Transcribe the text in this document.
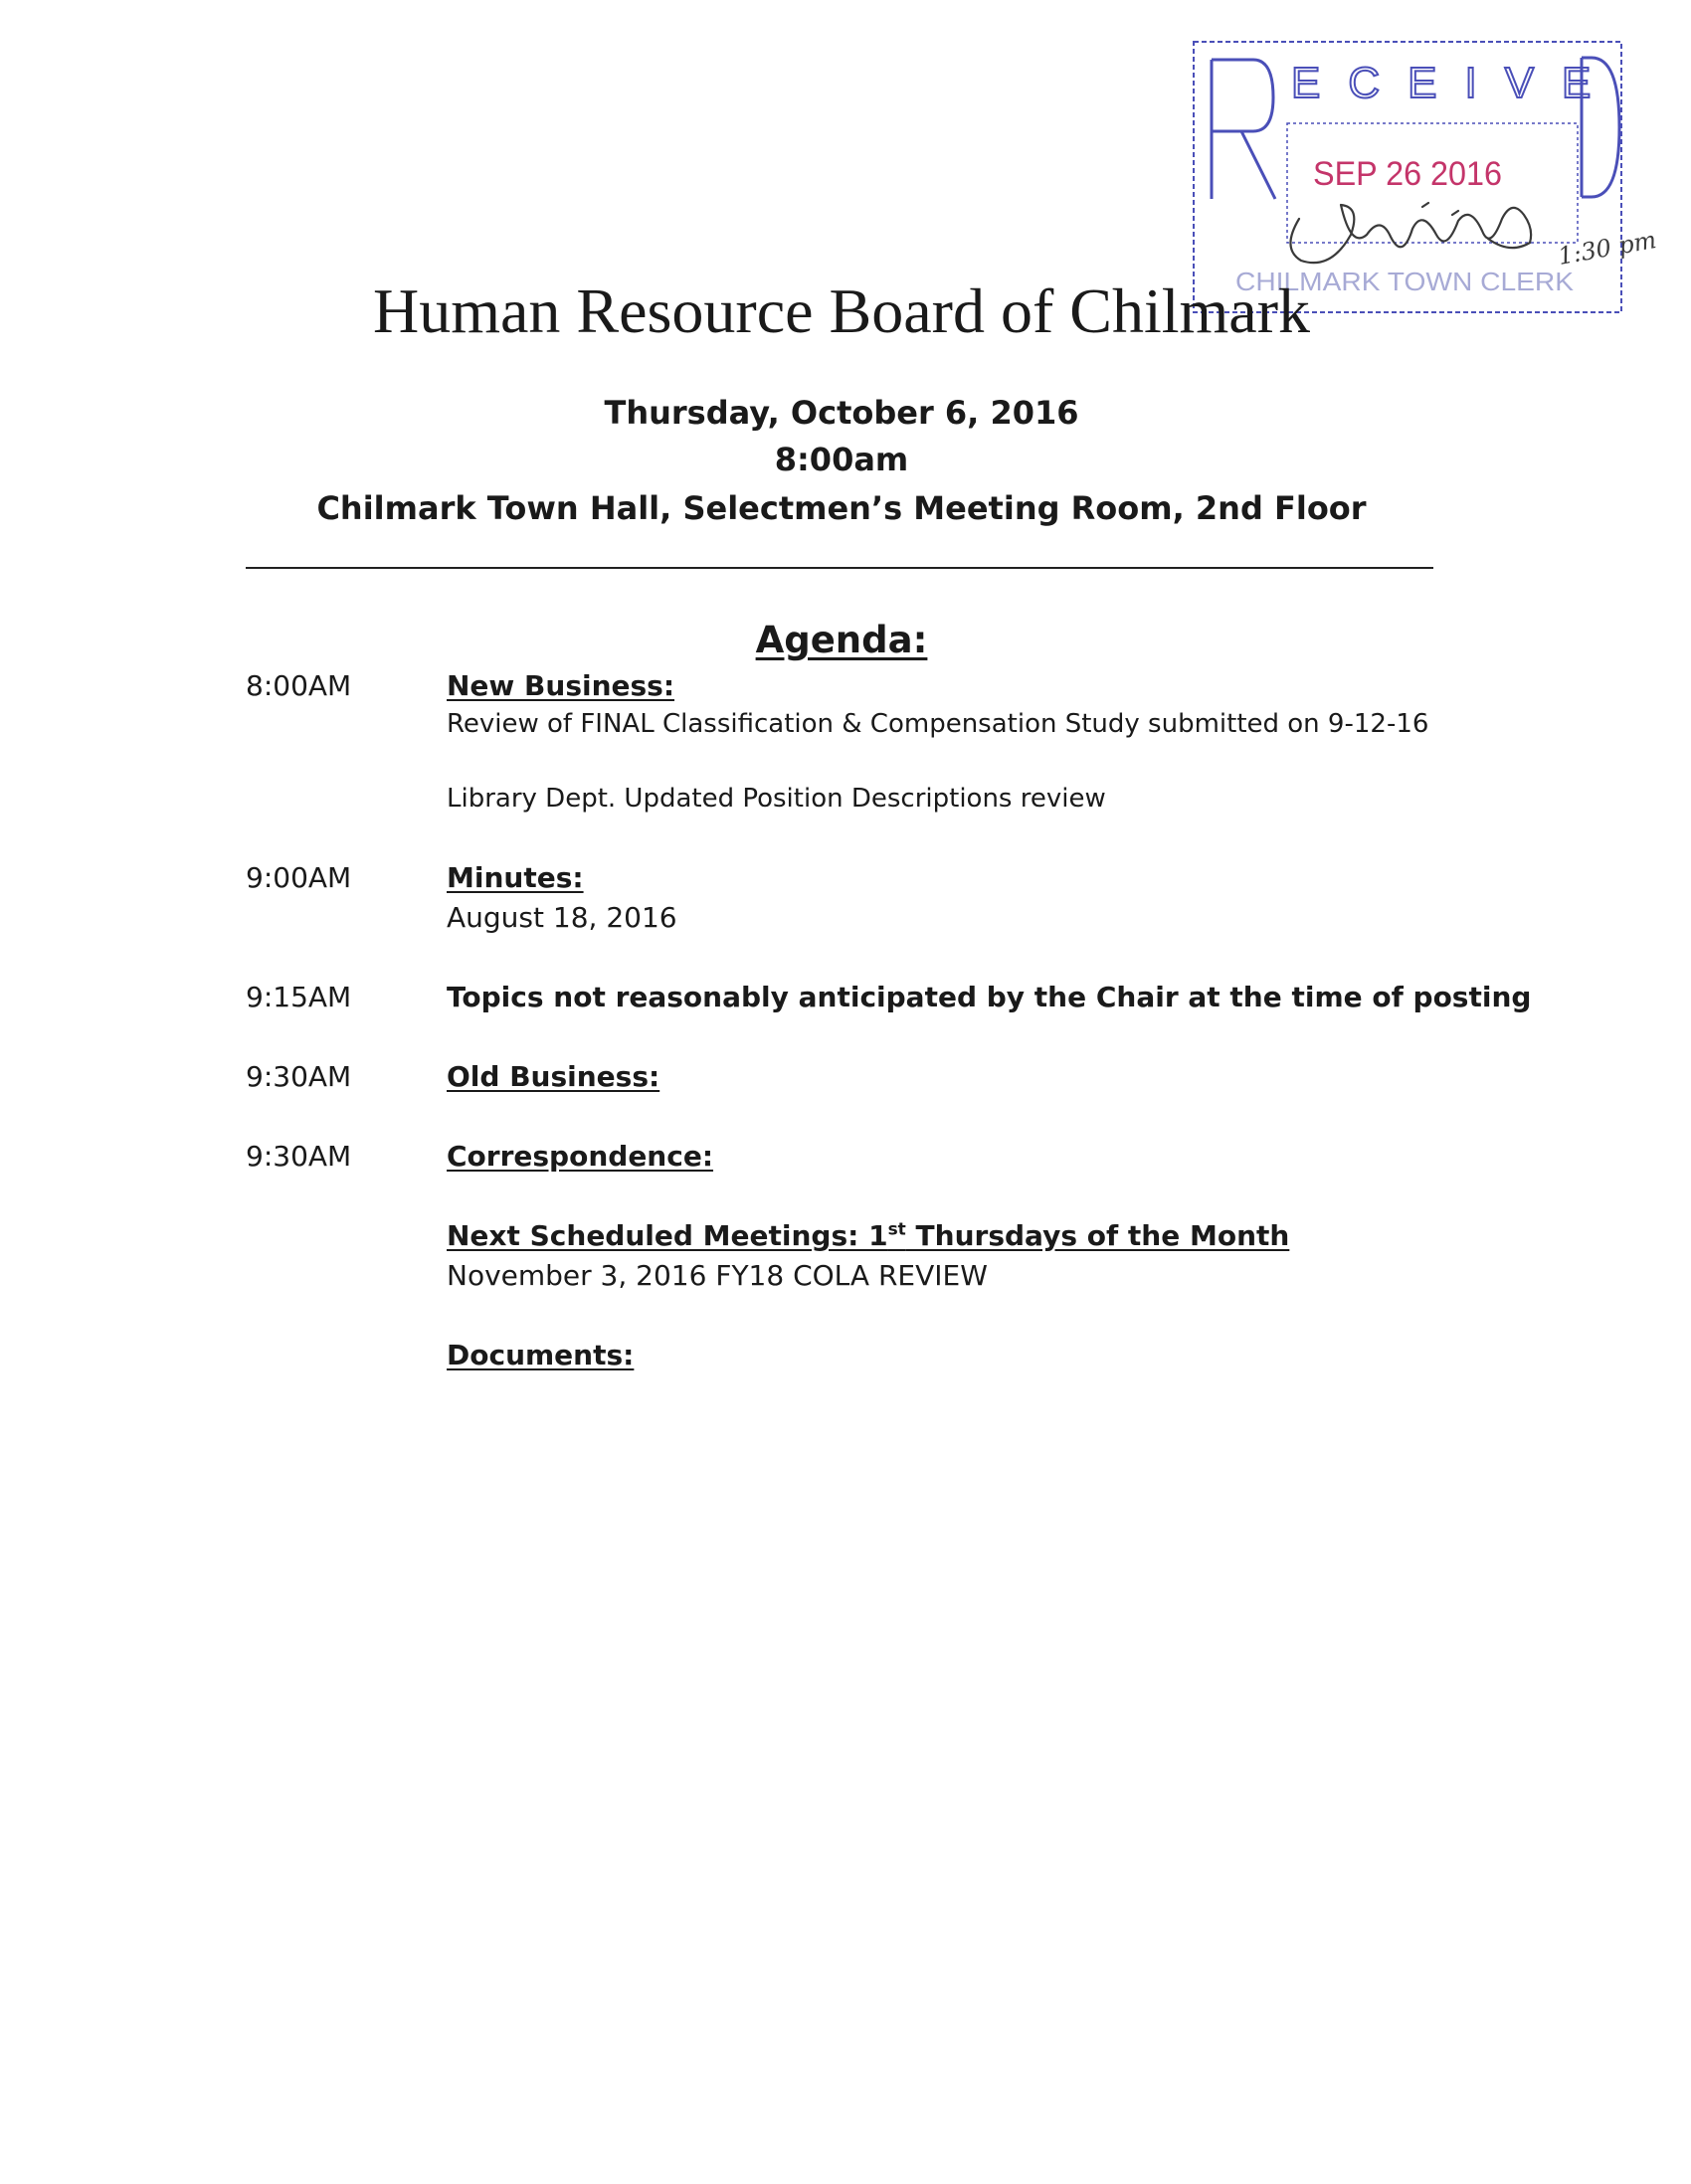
ECEIVE
SEP 26 2016
CHILMARK TOWN CLERK
1:30 pm
Human Resource Board of Chilmark
Thursday, October 6, 2016
8:00am
Chilmark Town Hall, Selectmen’s Meeting Room, 2nd Floor
Agenda:
8:00AM	New Business:
Review of FINAL Classification & Compensation Study submitted on 9-12-16
Library Dept. Updated Position Descriptions review
9:00AM	Minutes:
August 18, 2016
9:15AM	Topics not reasonably anticipated by the Chair at the time of posting
9:30AM	Old Business:
9:30AM	Correspondence:
Next Scheduled Meetings: 1st Thursdays of the Month
November 3, 2016 FY18 COLA REVIEW
Documents:
